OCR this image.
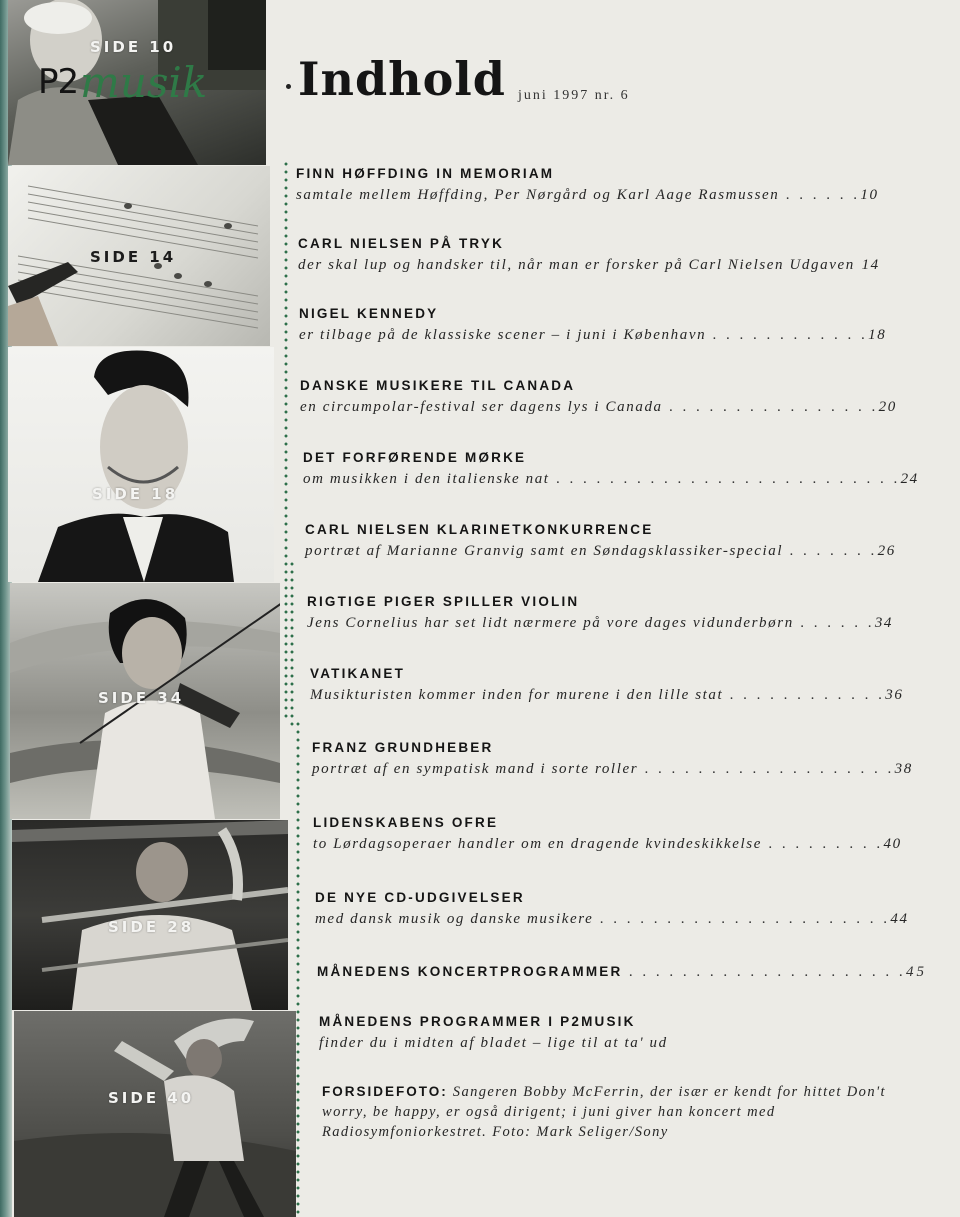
SIDE 10
SIDE 14
SIDE 18
SIDE 34
SIDE 28
SIDE 40
P2 musik Indhold juni 1997 nr. 6
FINN HØFFDING IN MEMORIAM
samtale mellem Høffding, Per Nørgård og Karl Aage Rasmussen . . . . . .10
CARL NIELSEN PÅ TRYK
der skal lup og handsker til, når man er forsker på Carl Nielsen Udgaven 14
NIGEL KENNEDY
er tilbage på de klassiske scener – i juni i København . . . . . . . . . . . .18
DANSKE MUSIKERE TIL CANADA
en circumpolar-festival ser dagens lys i Canada . . . . . . . . . . . . . . . .20
DET FORFØRENDE MØRKE
om musikken i den italienske nat . . . . . . . . . . . . . . . . . . . . . . . . . .24
CARL NIELSEN KLARINETKONKURRENCE
portræt af Marianne Granvig samt en Søndagsklassiker-special . . . . . . .26
RIGTIGE PIGER SPILLER VIOLIN
Jens Cornelius har set lidt nærmere på vore dages vidunderbørn . . . . . .34
VATIKANET
Musikturisten kommer inden for murene i den lille stat . . . . . . . . . . . .36
FRANZ GRUNDHEBER
portræt af en sympatisk mand i sorte roller . . . . . . . . . . . . . . . . . . .38
LIDENSKABENS OFRE
to Lørdagsoperaer handler om en dragende kvindeskikkelse . . . . . . . . .40
DE NYE CD-UDGIVELSER
med dansk musik og danske musikere . . . . . . . . . . . . . . . . . . . . . .44
MÅNEDENS KONCERTPROGRAMMER . . . . . . . . . . . . . . . . . . . . .45
MÅNEDENS PROGRAMMER I P2MUSIK
finder du i midten af bladet – lige til at ta' ud
FORSIDEFOTO: Sangeren Bobby McFerrin, der især er kendt for hittet Don't worry, be happy, er også dirigent; i juni giver han koncert med Radiosymfoniorkestret. Foto: Mark Seliger/Sony
